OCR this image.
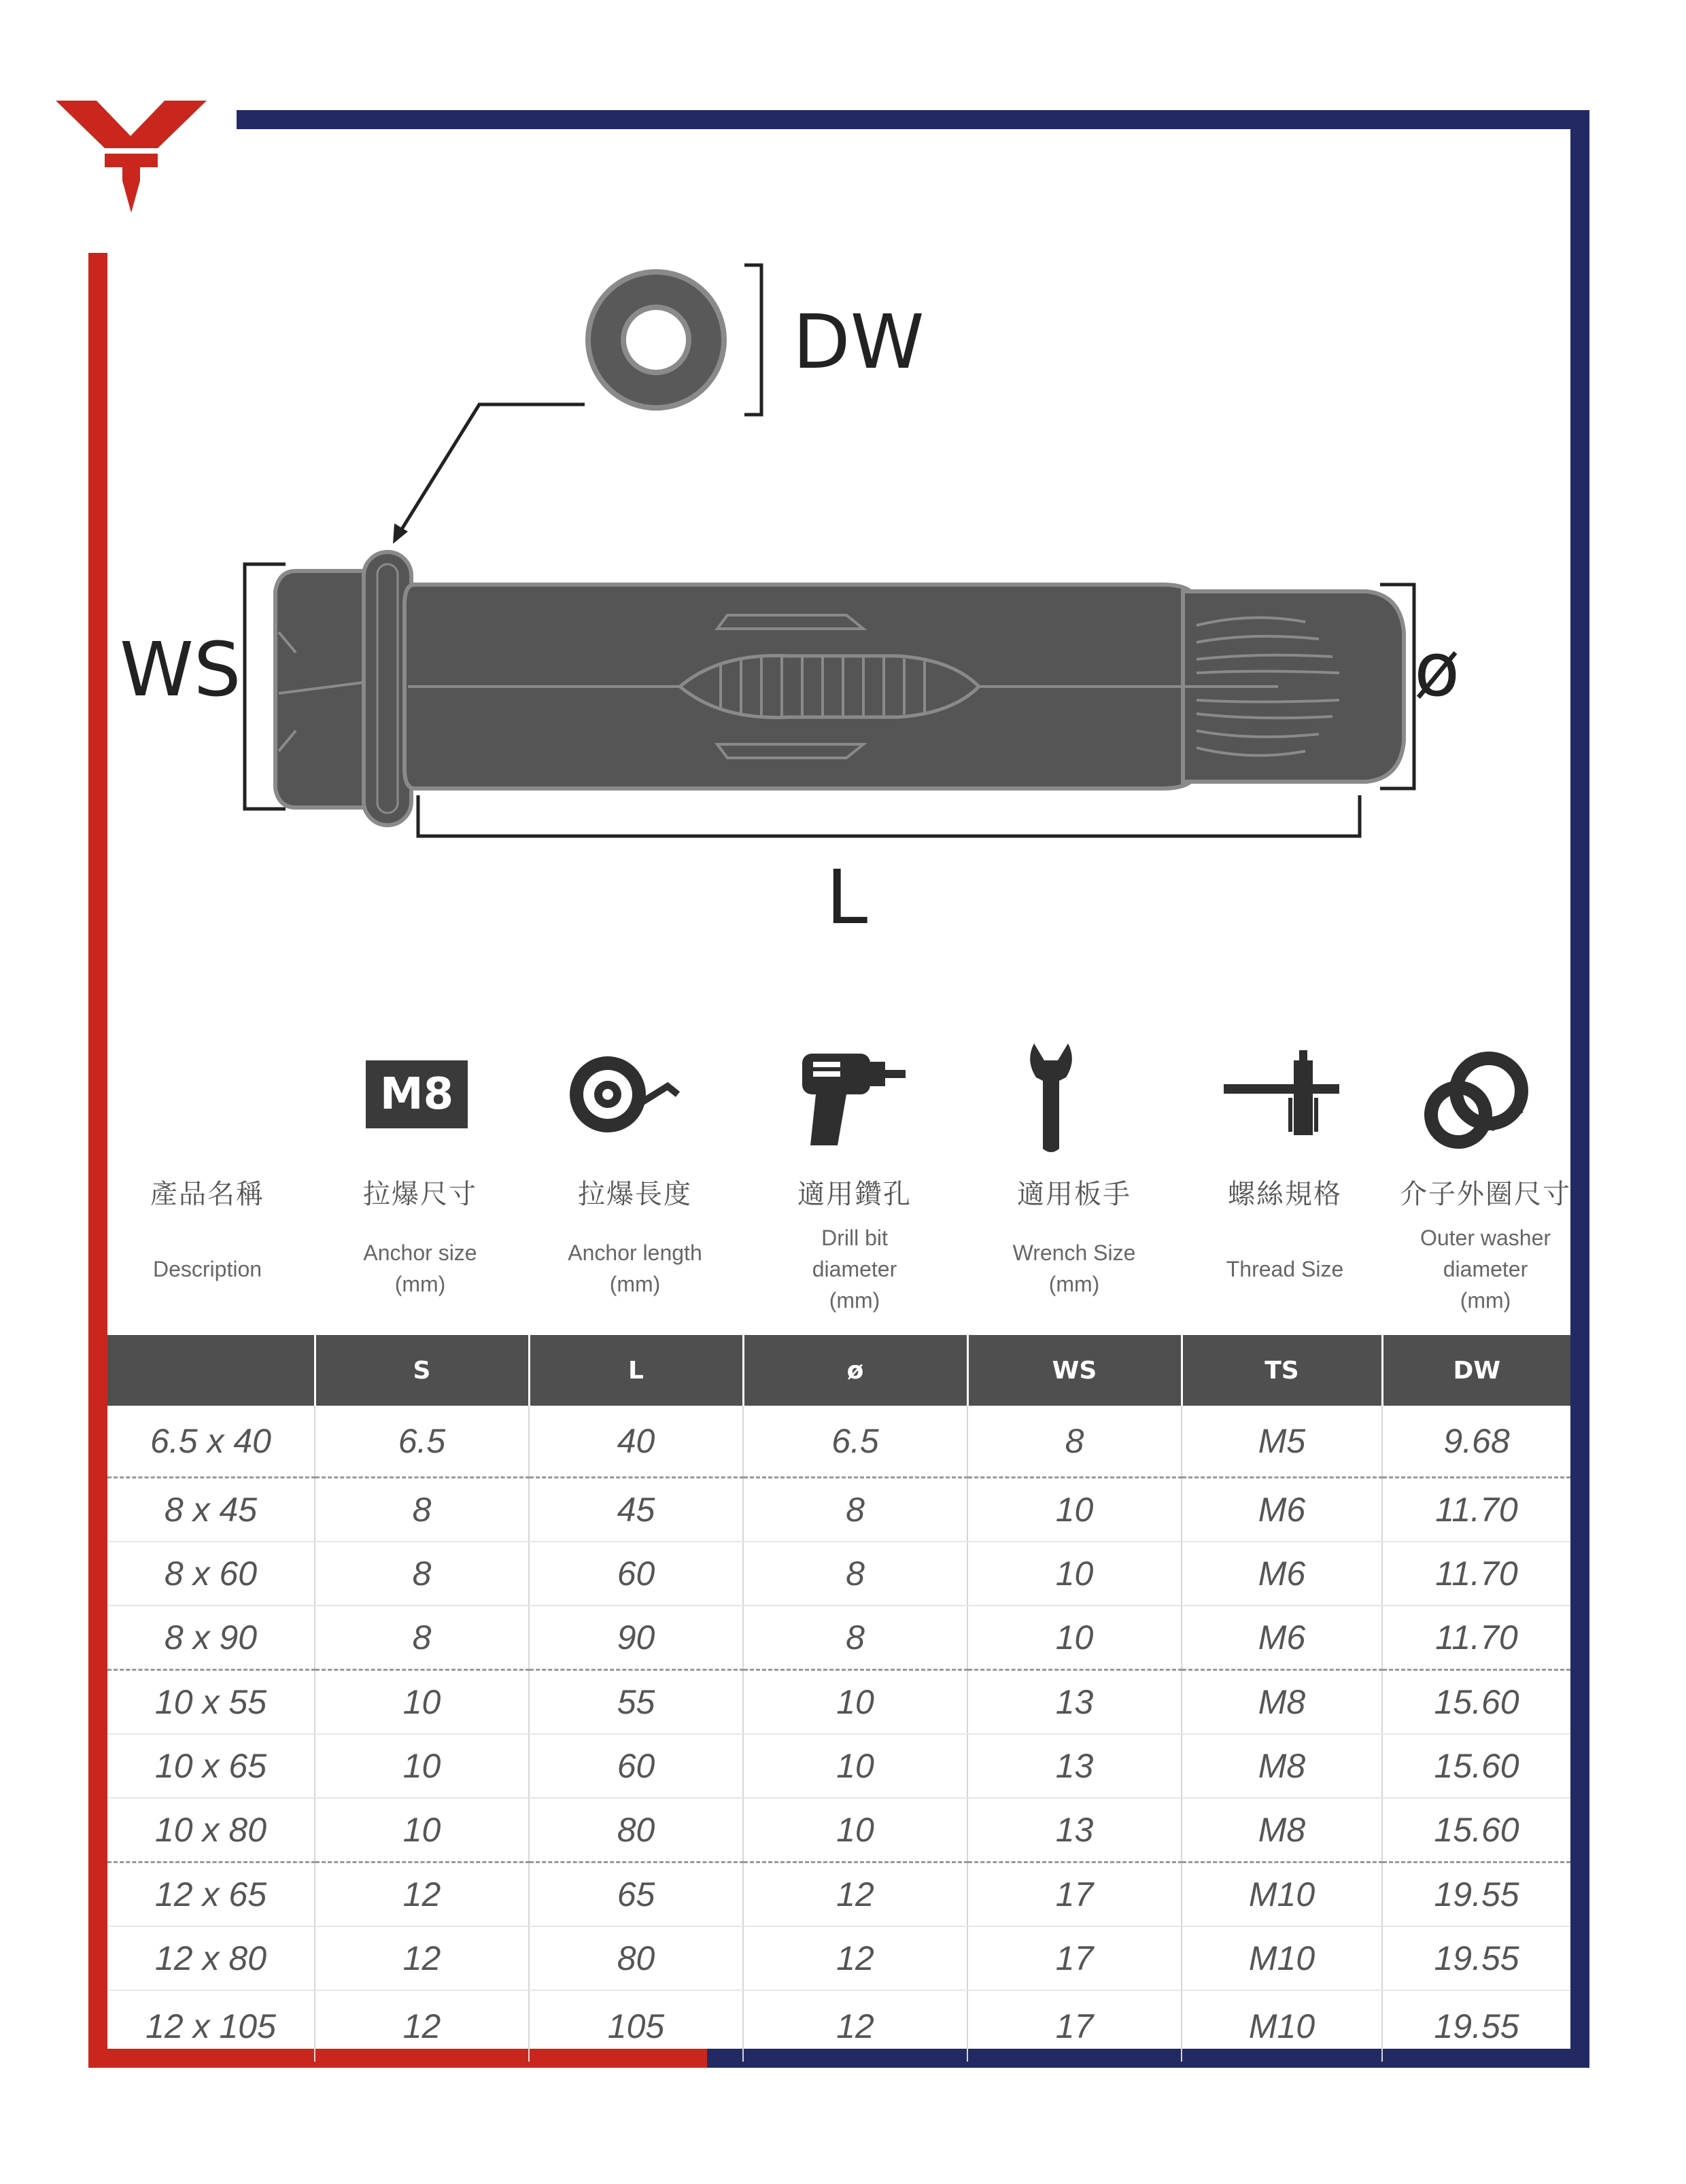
DW
WS	ø
L
M8
產品名稱
Description
拉爆尺寸
Anchor size
(mm)
拉爆長度
Anchor length
(mm)
適用鑽孔
Drill bit
diameter
(mm)
適用板手
Wrench Size
(mm)
螺絲規格
Thread Size
介子外圈尺寸
Outer washer
diameter
(mm)
	S	L	ø	WS	TS	DW
6.5 x 40	6.5	40	6.5	8	M5	9.68
8 x 45	8	45	8	10	M6	11.70
8 x 60	8	60	8	10	M6	11.70
8 x 90	8	90	8	10	M6	11.70
10 x 55	10	55	10	13	M8	15.60
10 x 65	10	60	10	13	M8	15.60
10 x 80	10	80	10	13	M8	15.60
12 x 65	12	65	12	17	M10	19.55
12 x 80	12	80	12	17	M10	19.55
12 x 105	12	105	12	17	M10	19.55
